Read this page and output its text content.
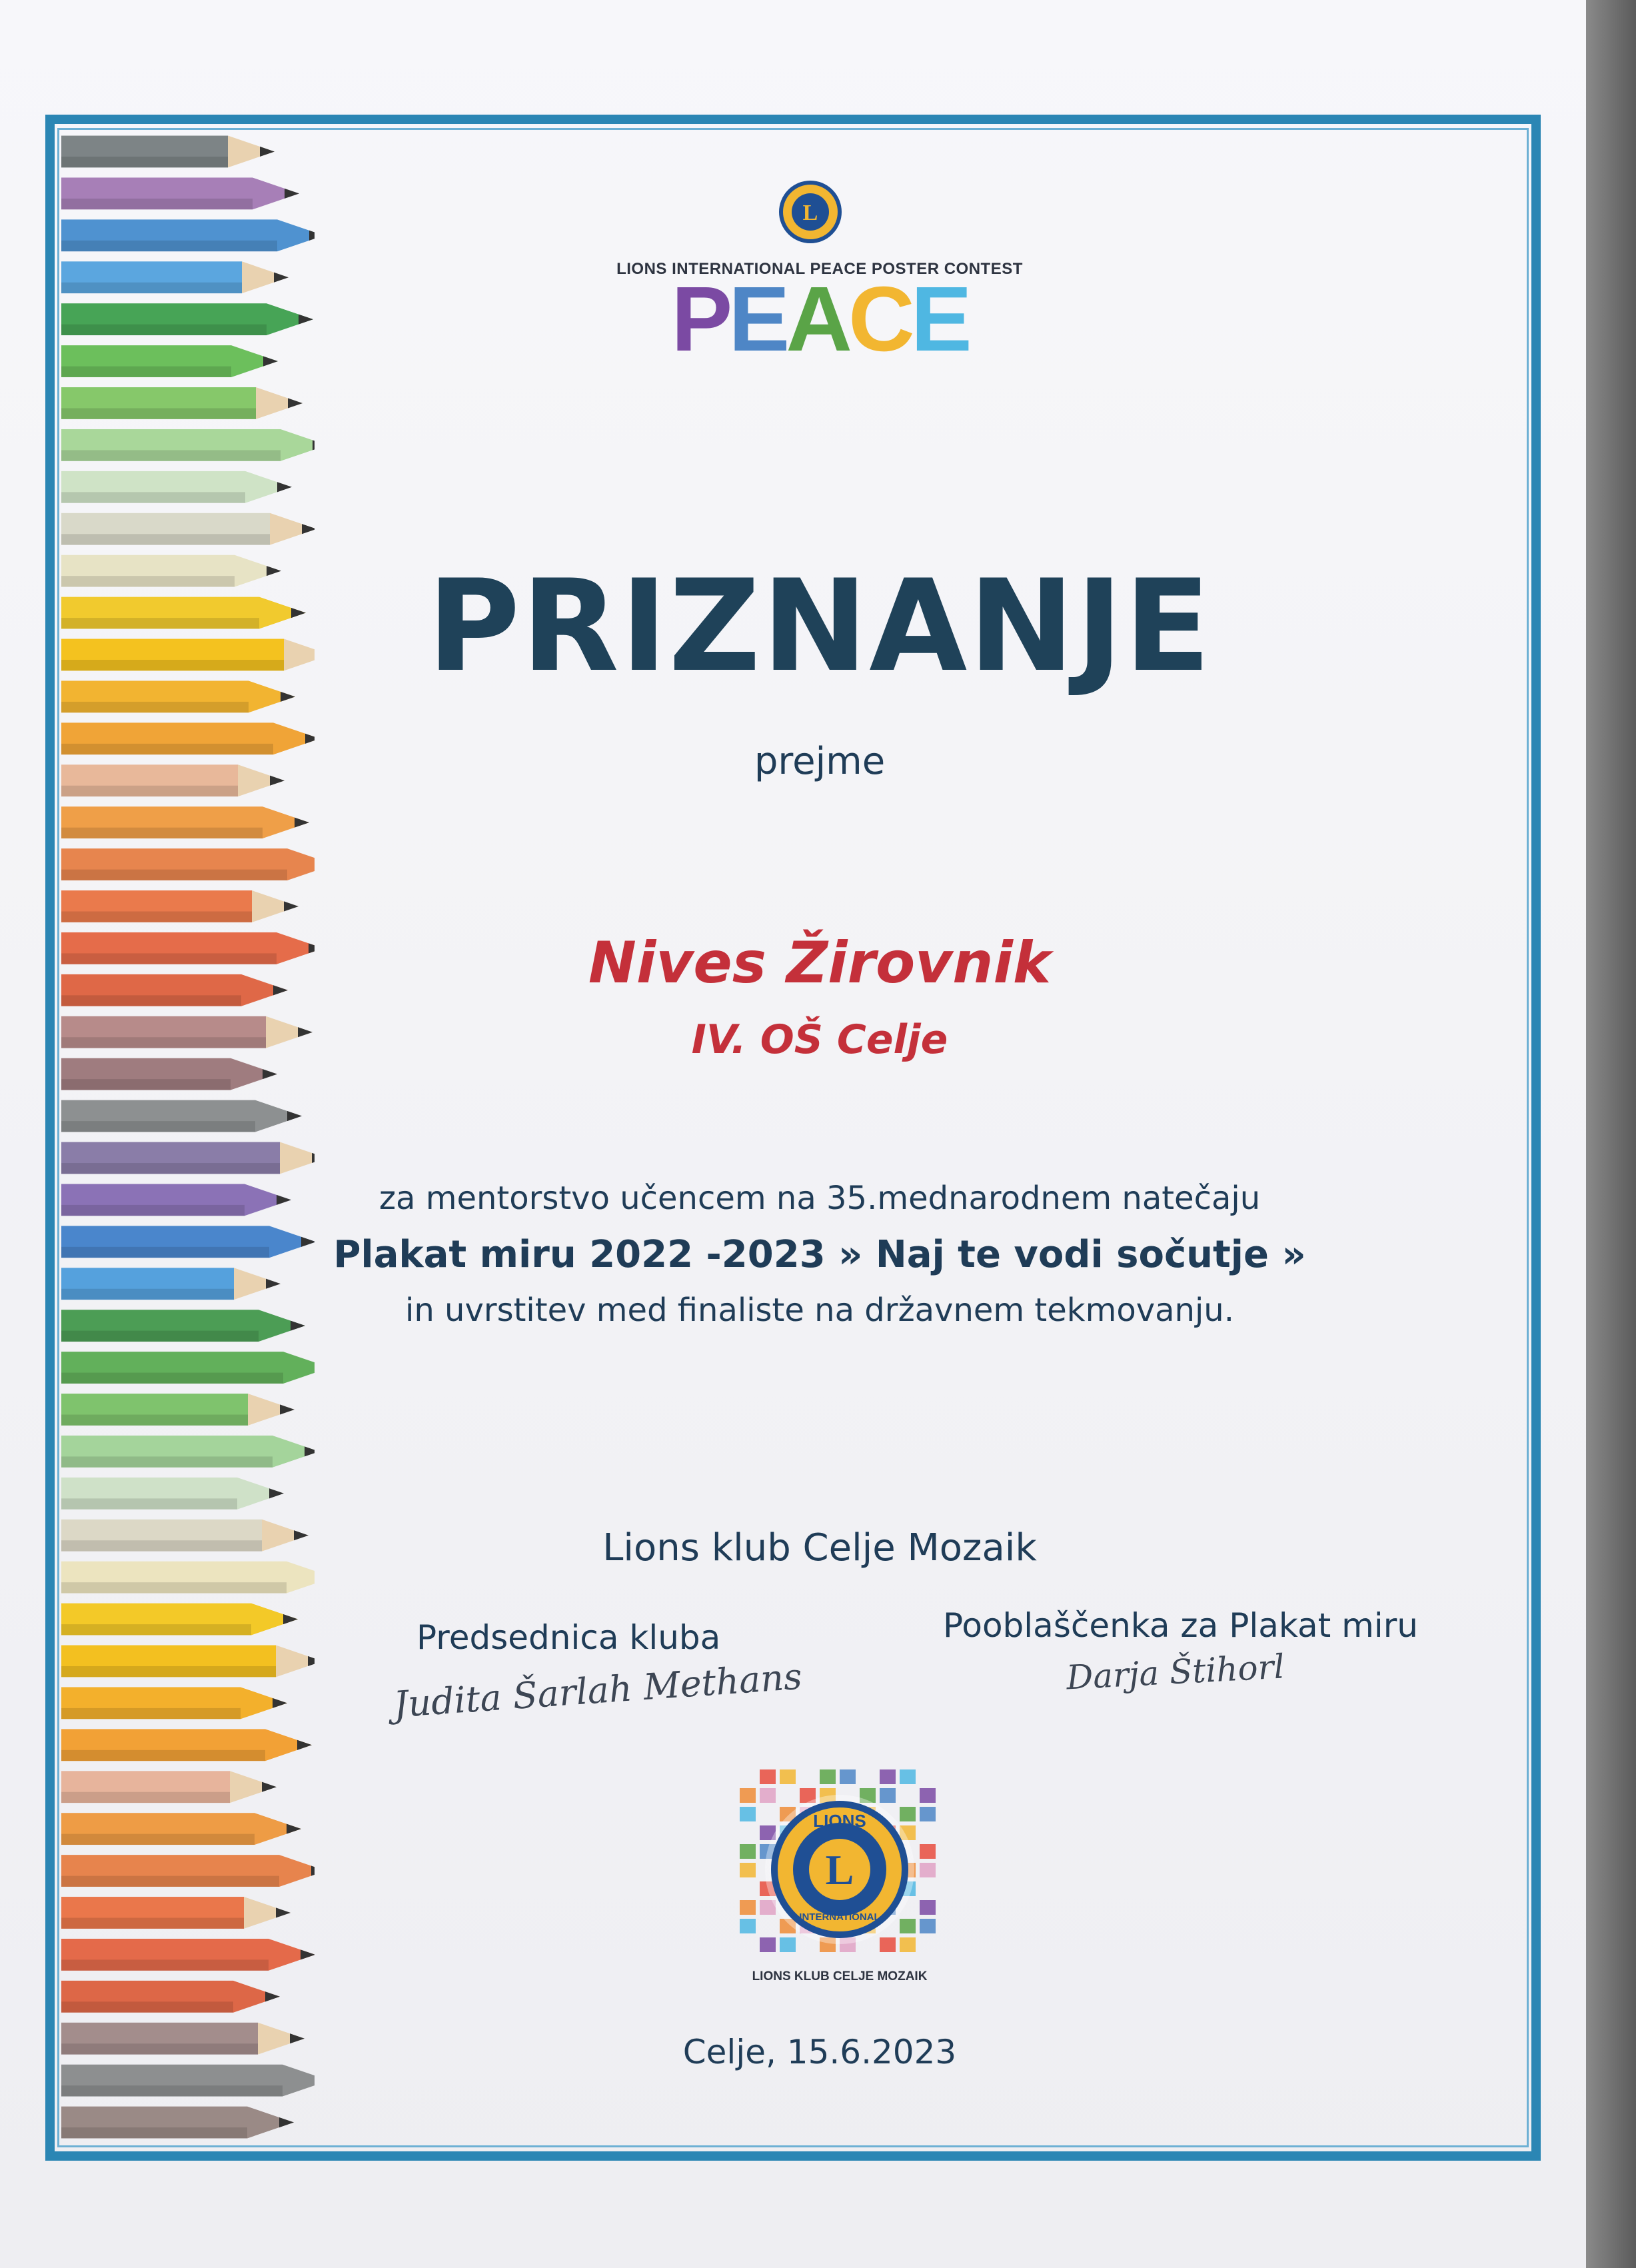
L
LIONS INTERNATIONAL PEACE POSTER CONTEST
PEACE
PRIZNANJE
prejme
Nives Žirovnik
IV. OŠ Celje
za mentorstvo učencem na 35.mednarodnem natečaju
Plakat miru 2022 -2023 » Naj te vodi sočutje »
in uvrstitev med finaliste na državnem tekmovanju.
Lions klub Celje Mozaik
Predsednica kluba
Judita Šarlah Methans
Pooblaščenka za Plakat miru
Darja Štihorl
L
LIONS
INTERNATIONAL
LIONS KLUB CELJE MOZAIK
Celje, 15.6.2023
